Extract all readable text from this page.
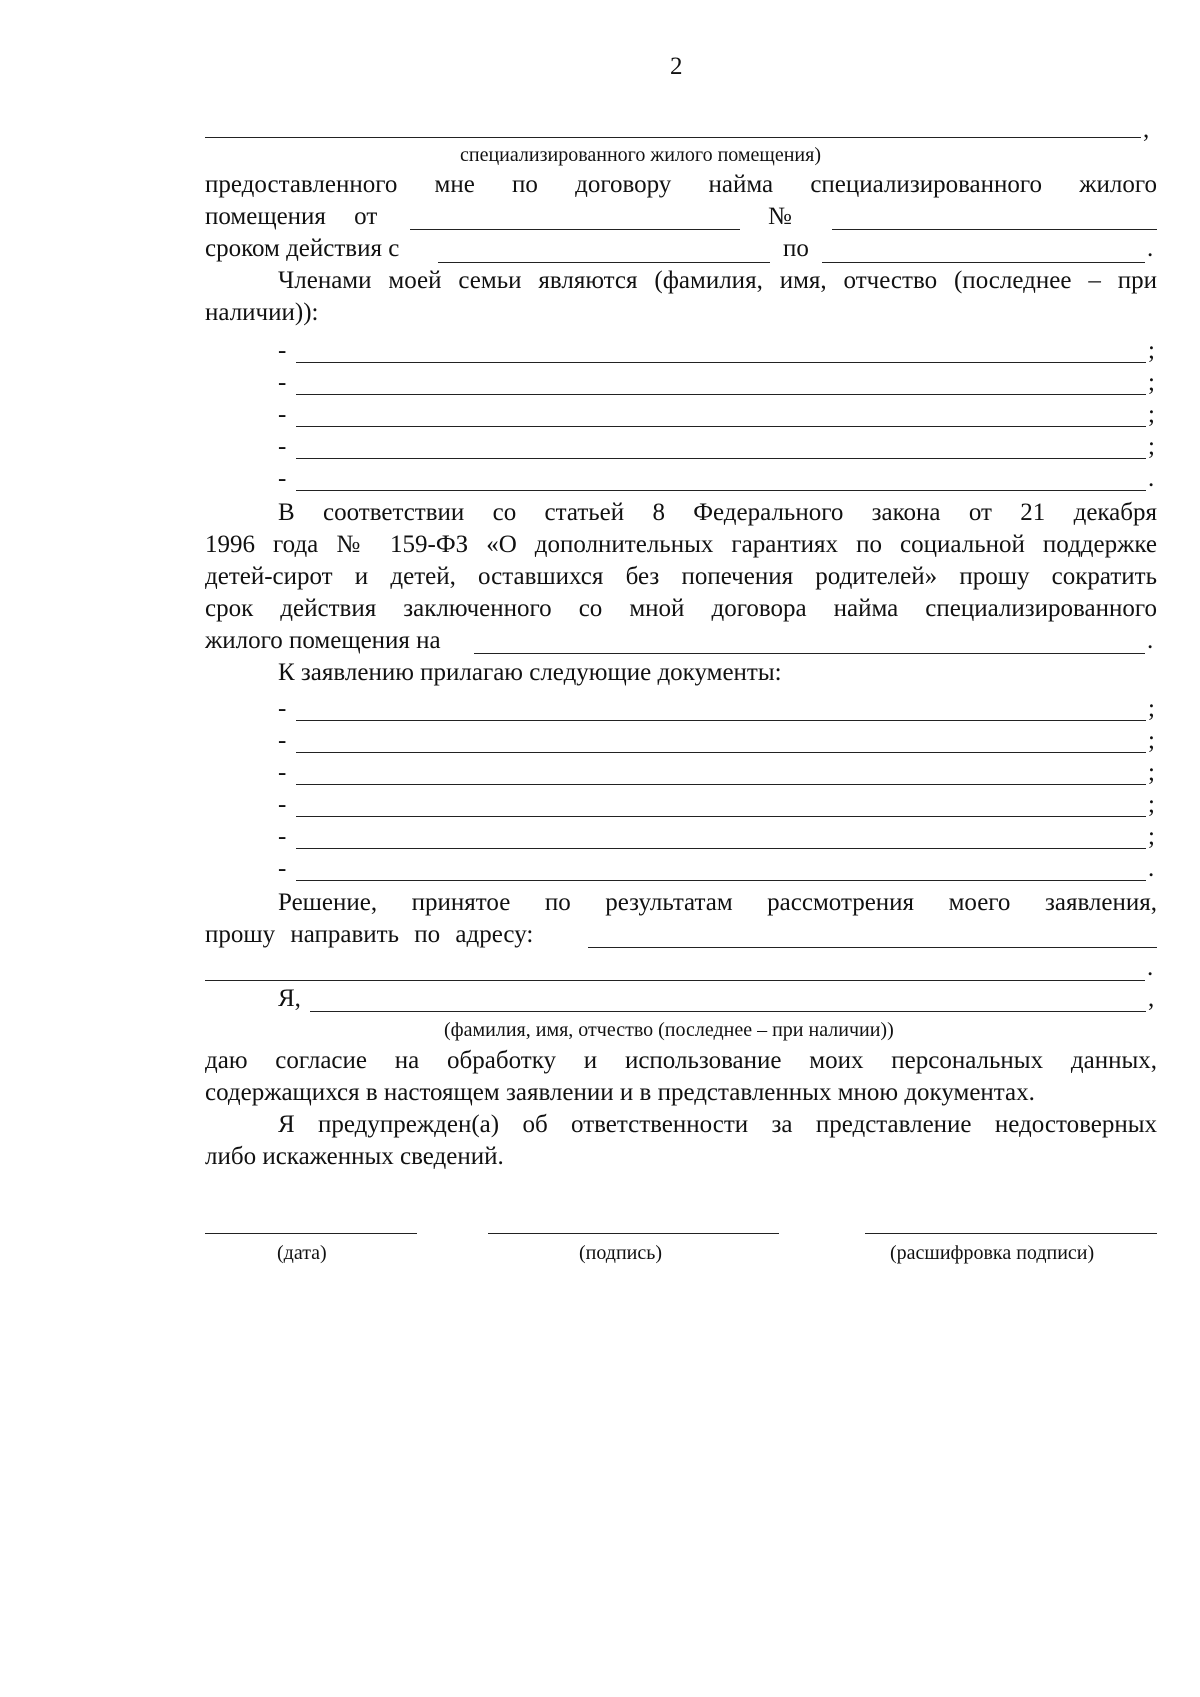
2
,
специализированного жилого помещения)
предоставленного мне по договору найма специализированного жилого
помещения от	№
сроком действия с	по	.
Членами моей семьи являются (фамилия, имя, отчество (последнее – при
наличии)):
-	;
-	;
-	;
-	;
-	.
В соответствии со статьей 8 Федерального закона от 21 декабря
1996 года № 159-ФЗ «О дополнительных гарантиях по социальной поддержке
детей-сирот и детей, оставшихся без попечения родителей» прошу сократить
срок действия заключенного со мной договора найма специализированного
жилого помещения на	.
К заявлению прилагаю следующие документы:
-	;
-	;
-	;
-	;
-	;
-	.
Решение, принятое по результатам рассмотрения моего заявления,
прошу направить по адресу:
.
Я,	,
(фамилия, имя, отчество (последнее – при наличии))
даю согласие на обработку и использование моих персональных данных,
содержащихся в настоящем заявлении и в представленных мною документах.
Я предупрежден(а) об ответственности за представление недостоверных
либо искаженных сведений.
(дата)	(подпись)	(расшифровка подписи)
